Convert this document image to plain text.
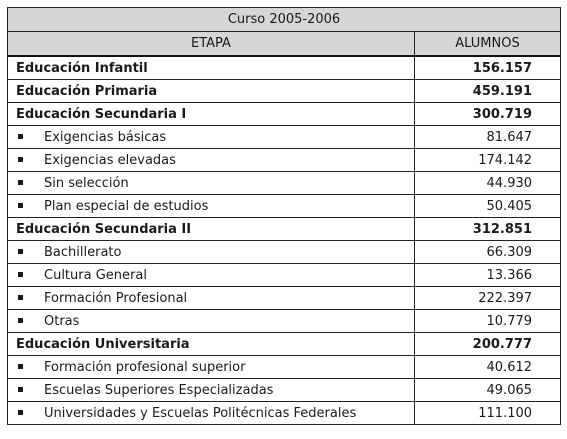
Curso 2005-2006	
ETAPA	ALUMNOS
Educación Infantil	156.157
Educación Primaria	459.191
Educación Secundaria I	300.719
Exigencias básicas	81.647
Exigencias elevadas	174.142
Sin selección	44.930
Plan especial de estudios	50.405
Educación Secundaria II	312.851
Bachillerato	66.309
Cultura General	13.366
Formación Profesional	222.397
Otras	10.779
Educación Universitaria	200.777
Formación profesional superior	40.612
Escuelas Superiores Especializadas	49.065
Universidades y Escuelas Politécnicas Federales	111.100
